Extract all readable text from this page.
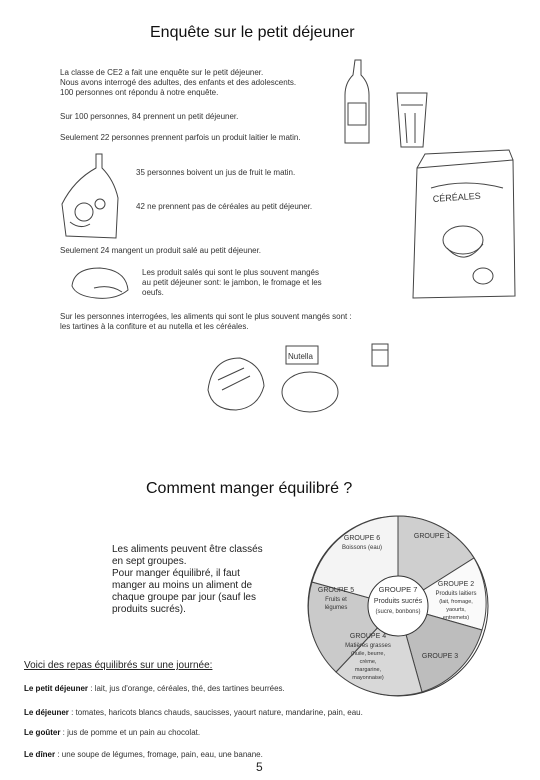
Enquête sur le petit déjeuner
La classe de CE2 a fait une enquête sur le petit déjeuner.
Nous avons interrogé des adultes, des enfants et des adolescents.
100 personnes ont répondu à notre enquête.
Sur 100 personnes, 84 prennent un petit déjeuner.
Seulement 22 personnes prennent parfois un produit laitier le matin.
35 personnes boivent un jus de fruit le matin.
42 ne prennent pas de céréales au petit déjeuner.
Seulement 24 mangent un produit salé au petit déjeuner.
Les produit salés qui sont le plus souvent mangés
au petit déjeuner sont: le jambon, le fromage et les
oeufs.
Sur les personnes interrogées, les aliments qui sont le plus souvent mangés sont :
les tartines à la confiture et au nutella et les céréales.
CÉRÉALES
Nutella
Comment manger équilibré ?
Les aliments peuvent être classés
en sept groupes.
Pour manger équilibré, il faut
manger au moins un aliment de
chaque groupe par jour (sauf les
produits sucrés).
GROUPE 7
Produits sucrés
(sucre, bonbons)
GROUPE 6
Boissons (eau)
GROUPE 1
GROUPE 2
Produits laitiers
(lait, fromage,
yaourts,
entremets)
GROUPE 3
GROUPE 4
Matières grasses
(huile, beurre,
crème,
margarine,
mayonnaise)
GROUPE 5
Fruits et
légumes
Voici des repas équilibrés sur une journée:
Le petit déjeuner : lait, jus d'orange, céréales, thé, des tartines beurrées.
Le déjeuner : tomates, haricots blancs chauds, saucisses, yaourt nature, mandarine, pain, eau.
Le goûter : jus de pomme et un pain au chocolat.
Le dîner : une soupe de légumes, fromage, pain, eau, une banane.
5
